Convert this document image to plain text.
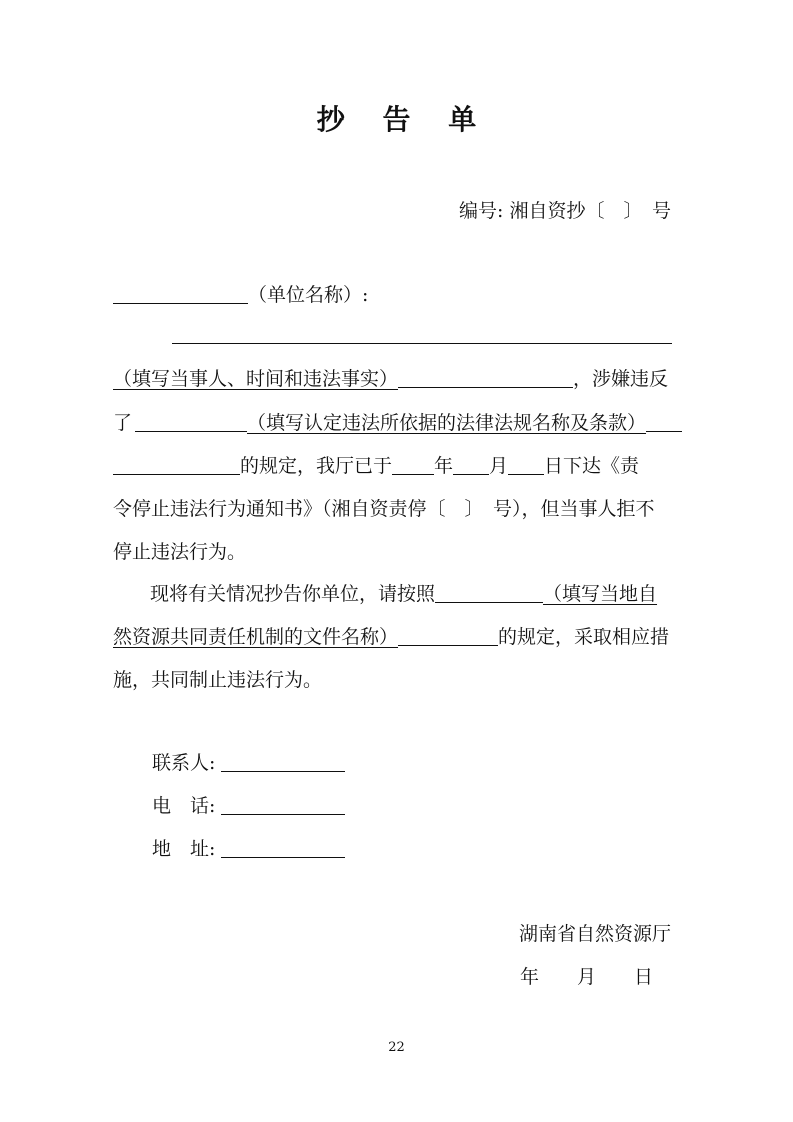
抄 告 单
编号: 湘自资抄〔　〕　号
（单位名称）:
（填写当事人、时间和违法事实）	，涉嫌违反
了	（填写认定违法所依据的法律法规名称及条款）
的规定，我厅已于 年 月 日下达《责
令停止违法行为通知书》（湘自资责停〔　〕　号），但当事人拒不
停止违法行为。
现将有关情况抄告你单位，请按照	（填写当地自
然资源共同责任机制的文件名称）	的规定，采取相应措
施，共同制止违法行为。
联系人:
电　话:
地　址:
湖南省自然资源厅
年　　月　　日
22
